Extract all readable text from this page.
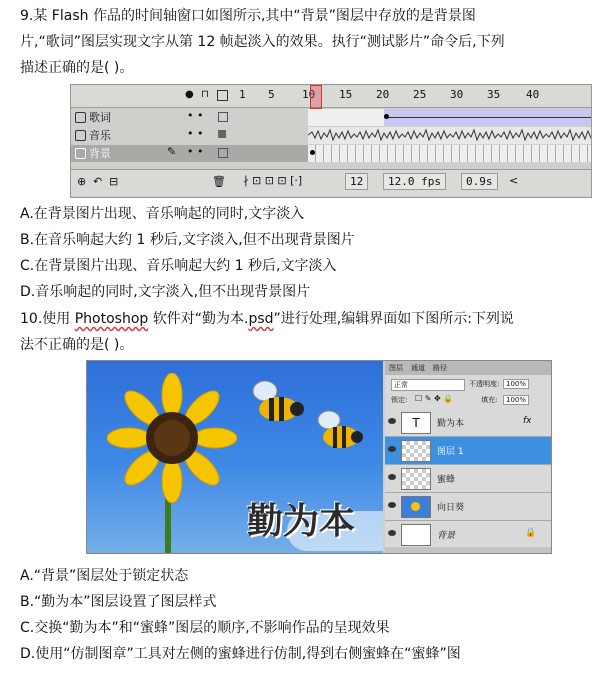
9.某 Flash 作品的时间轴窗口如图所示,其中“背景”图层中存放的是背景图
片,“歌词”图层实现文字从第 12 帧起淡入的效果。执行“测试影片”命令后,下列
描述正确的是( )。
● ⊓	1 5 10 15 20 25 30 35 40
歌词	• •
音乐	• •
背景	✎ • •
⊕ ↶ ⊟	🗑 ∤ ⊡ ⊡ ⊡ [·]	12	12.0 fps	0.9s	<
A.在背景图片出现、音乐响起的同时,文字淡入
B.在音乐响起大约 1 秒后,文字淡入,但不出现背景图片
C.在背景图片出现、音乐响起大约 1 秒后,文字淡入
D.音乐响起的同时,文字淡入,但不出现背景图片
10.使用 Photoshop 软件对“勤为本.psd”进行处理,编辑界面如下图所示:下列说
法不正确的是( )。
勤为本
图层 通道 路径
正常	不透明度: 100%
锁定: ☐ ✎ ✥ 🔒	填充:	100%
T	勤为本	fx
图层 1
蜜蜂
向日葵
背景	🔒
A.“背景”图层处于锁定状态
B.“勤为本”图层设置了图层样式
C.交换“勤为本”和“蜜蜂”图层的顺序,不影响作品的呈现效果
D.使用“仿制图章”工具对左侧的蜜蜂进行仿制,得到右侧蜜蜂在“蜜蜂”图
